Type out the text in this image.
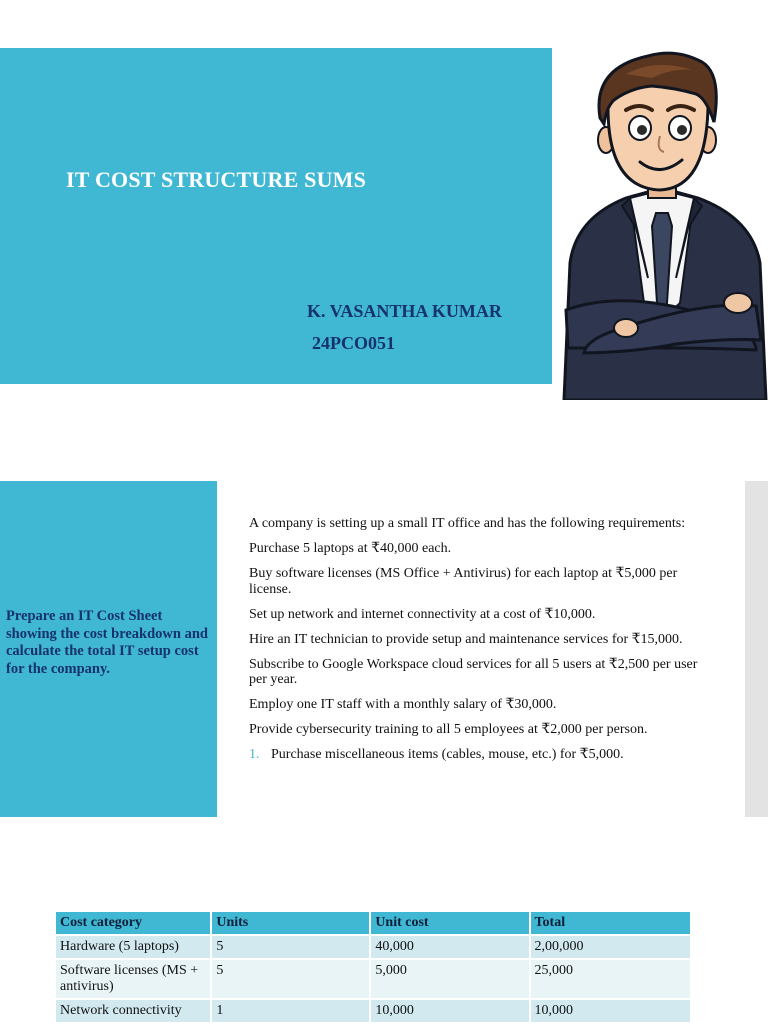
IT COST STRUCTURE SUMS
K. VASANTHA KUMAR
24PCO051
Prepare an IT Cost Sheet showing the cost breakdown and calculate the total IT setup cost for the company.
A company is setting up a small IT office and has the following requirements:
Purchase 5 laptops at ₹40,000 each.
Buy software licenses (MS Office + Antivirus) for each laptop at ₹5,000 per license.
Set up network and internet connectivity at a cost of ₹10,000.
Hire an IT technician to provide setup and maintenance services for ₹15,000.
Subscribe to Google Workspace cloud services for all 5 users at ₹2,500 per user per year.
Employ one IT staff with a monthly salary of ₹30,000.
Provide cybersecurity training to all 5 employees at ₹2,000 per person.
1. Purchase miscellaneous items (cables, mouse, etc.) for ₹5,000.
Cost category	Units	Unit cost	Total
Hardware (5 laptops)	5	40,000	2,00,000
Software licenses (MS + antivirus)	5	5,000	25,000
Network connectivity	1	10,000	10,000
